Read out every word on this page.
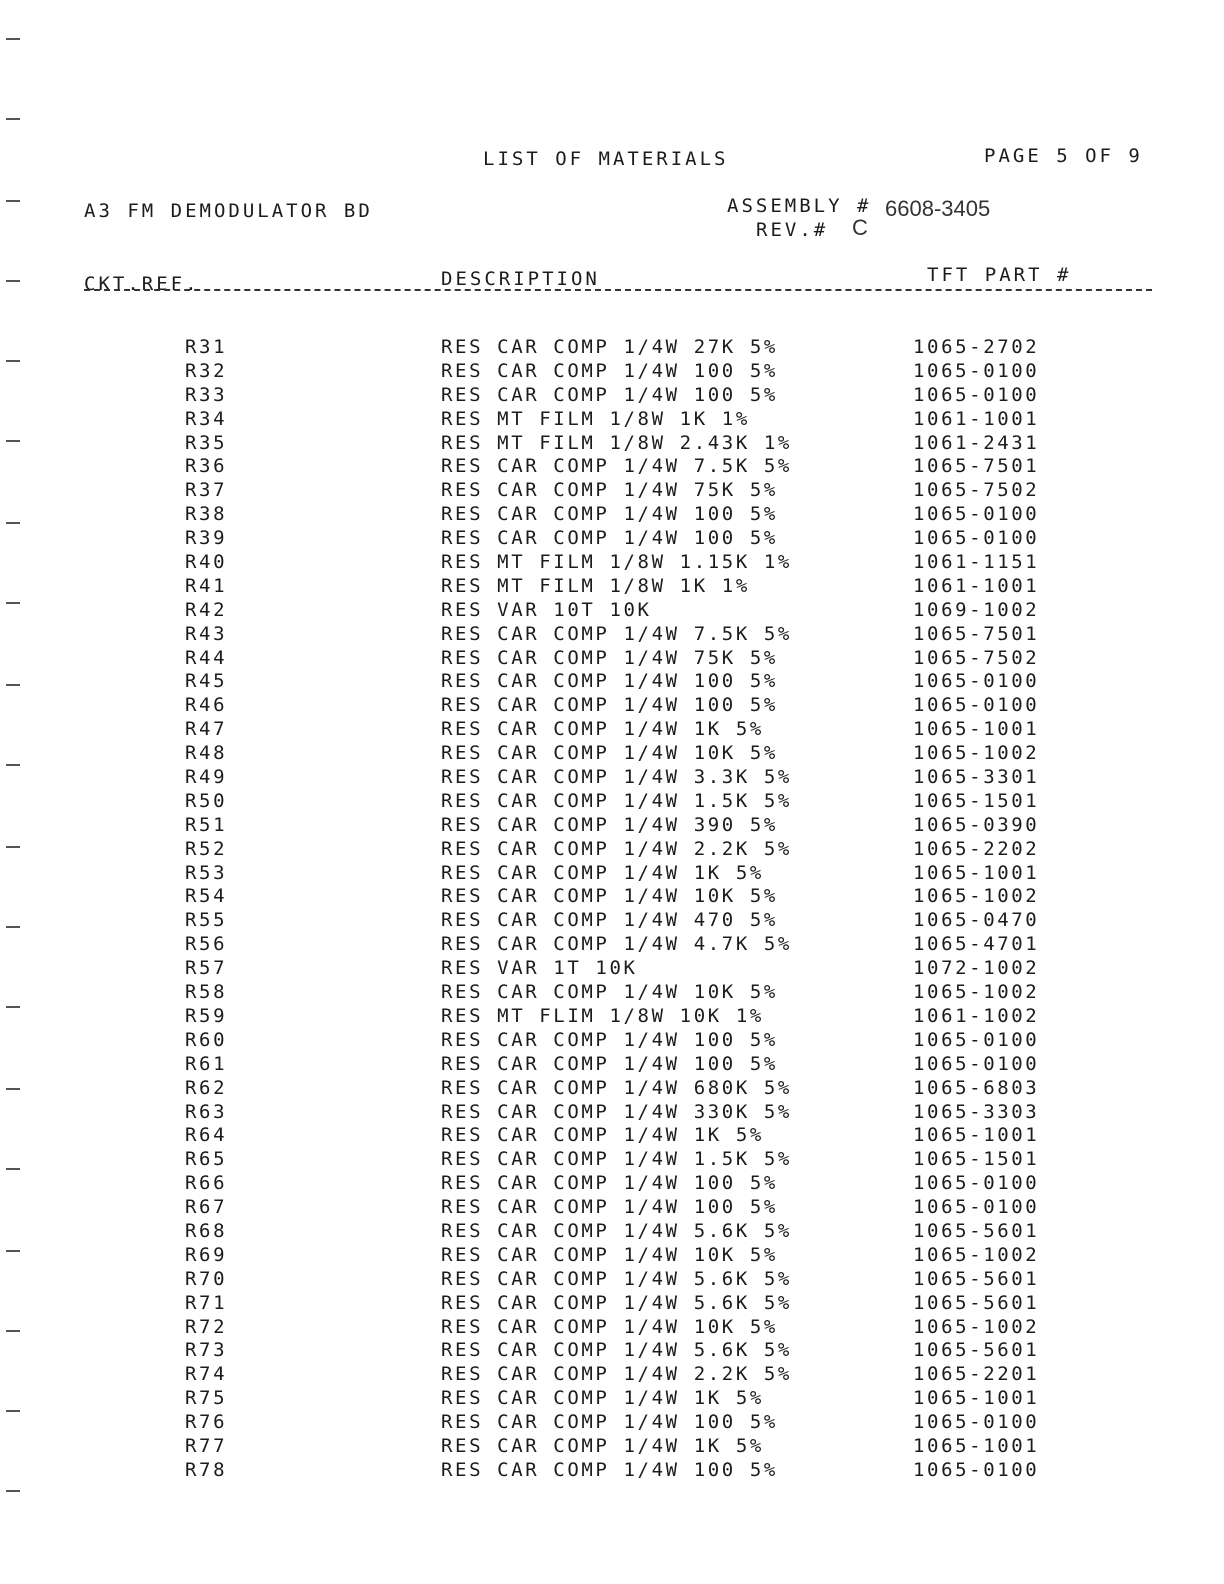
LIST OF MATERIALS	PAGE 5 OF 9
A3 FM DEMODULATOR BD	ASSEMBLY # 6608-3405
REV.# C
CKT.REF.	DESCRIPTION	TFT PART #
R31	RES CAR COMP 1/4W 27K 5%	1065-2702
R32	RES CAR COMP 1/4W 100 5%	1065-0100
R33	RES CAR COMP 1/4W 100 5%	1065-0100
R34	RES MT FILM 1/8W 1K 1%	1061-1001
R35	RES MT FILM 1/8W 2.43K 1%	1061-2431
R36	RES CAR COMP 1/4W 7.5K 5%	1065-7501
R37	RES CAR COMP 1/4W 75K 5%	1065-7502
R38	RES CAR COMP 1/4W 100 5%	1065-0100
R39	RES CAR COMP 1/4W 100 5%	1065-0100
R40	RES MT FILM 1/8W 1.15K 1%	1061-1151
R41	RES MT FILM 1/8W 1K 1%	1061-1001
R42	RES VAR 10T 10K	1069-1002
R43	RES CAR COMP 1/4W 7.5K 5%	1065-7501
R44	RES CAR COMP 1/4W 75K 5%	1065-7502
R45	RES CAR COMP 1/4W 100 5%	1065-0100
R46	RES CAR COMP 1/4W 100 5%	1065-0100
R47	RES CAR COMP 1/4W 1K 5%	1065-1001
R48	RES CAR COMP 1/4W 10K 5%	1065-1002
R49	RES CAR COMP 1/4W 3.3K 5%	1065-3301
R50	RES CAR COMP 1/4W 1.5K 5%	1065-1501
R51	RES CAR COMP 1/4W 390 5%	1065-0390
R52	RES CAR COMP 1/4W 2.2K 5%	1065-2202
R53	RES CAR COMP 1/4W 1K 5%	1065-1001
R54	RES CAR COMP 1/4W 10K 5%	1065-1002
R55	RES CAR COMP 1/4W 470 5%	1065-0470
R56	RES CAR COMP 1/4W 4.7K 5%	1065-4701
R57	RES VAR 1T 10K	1072-1002
R58	RES CAR COMP 1/4W 10K 5%	1065-1002
R59	RES MT FLIM 1/8W 10K 1%	1061-1002
R60	RES CAR COMP 1/4W 100 5%	1065-0100
R61	RES CAR COMP 1/4W 100 5%	1065-0100
R62	RES CAR COMP 1/4W 680K 5%	1065-6803
R63	RES CAR COMP 1/4W 330K 5%	1065-3303
R64	RES CAR COMP 1/4W 1K 5%	1065-1001
R65	RES CAR COMP 1/4W 1.5K 5%	1065-1501
R66	RES CAR COMP 1/4W 100 5%	1065-0100
R67	RES CAR COMP 1/4W 100 5%	1065-0100
R68	RES CAR COMP 1/4W 5.6K 5%	1065-5601
R69	RES CAR COMP 1/4W 10K 5%	1065-1002
R70	RES CAR COMP 1/4W 5.6K 5%	1065-5601
R71	RES CAR COMP 1/4W 5.6K 5%	1065-5601
R72	RES CAR COMP 1/4W 10K 5%	1065-1002
R73	RES CAR COMP 1/4W 5.6K 5%	1065-5601
R74	RES CAR COMP 1/4W 2.2K 5%	1065-2201
R75	RES CAR COMP 1/4W 1K 5%	1065-1001
R76	RES CAR COMP 1/4W 100 5%	1065-0100
R77	RES CAR COMP 1/4W 1K 5%	1065-1001
R78	RES CAR COMP 1/4W 100 5%	1065-0100
